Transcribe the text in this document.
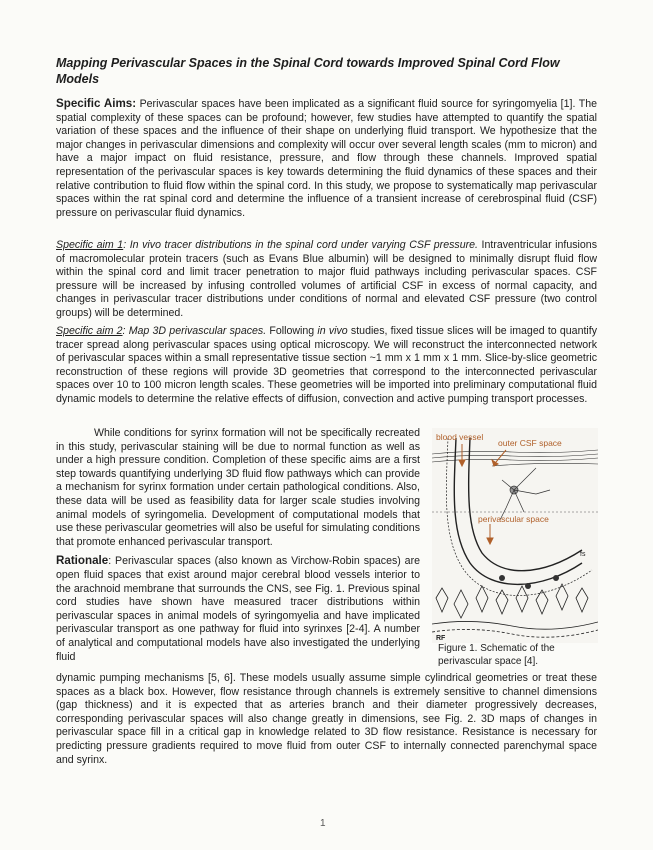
Mapping Perivascular Spaces in the Spinal Cord towards Improved Spinal Cord Flow Models
Specific Aims: Perivascular spaces have been implicated as a significant fluid source for syringomyelia [1]. The spatial complexity of these spaces can be profound; however, few studies have attempted to quantify the spatial variation of these spaces and the influence of their shape on underlying fluid transport. We hypothesize that the major changes in perivascular dimensions and complexity will occur over several length scales (mm to micron) and have a major impact on fluid resistance, pressure, and flow through these channels. Improved spatial representation of the perivascular spaces is key towards determining the fluid dynamics of these spaces and their relative contribution to fluid flow within the spinal cord. In this study, we propose to systematically map perivascular spaces within the rat spinal cord and determine the influence of a transient increase of cerebrospinal fluid (CSF) pressure on perivascular fluid dynamics.
Specific aim 1: In vivo tracer distributions in the spinal cord under varying CSF pressure. Intraventricular infusions of macromolecular protein tracers (such as Evans Blue albumin) will be designed to minimally disrupt fluid flow within the spinal cord and limit tracer penetration to major fluid pathways including perivascular spaces. CSF pressure will be increased by infusing controlled volumes of artificial CSF in excess of normal capacity, and changes in perivascular tracer distributions under conditions of normal and elevated CSF pressure (two control groups) will be determined.
Specific aim 2: Map 3D perivascular spaces. Following in vivo studies, fixed tissue slices will be imaged to quantify tracer spread along perivascular spaces using optical microscopy. We will reconstruct the interconnected network of perivascular spaces within a small representative tissue section ~1 mm x 1 mm x 1 mm. Slice-by-slice geometric reconstruction of these regions will provide 3D geometries that correspond to the interconnected perivascular spaces over 10 to 100 micron length scales. These geometries will be imported into preliminary computational fluid dynamic models to determine the relative effects of diffusion, convection and active pumping transport processes.

While conditions for syrinx formation will not be specifically recreated in this study, perivascular staining will be due to normal function as well as under a high pressure condition. Completion of these specific aims are a first step towards quantifying underlying 3D fluid flow pathways which can provide a mechanism for syrinx formation under certain pathological conditions. Also, these data will be used as feasibility data for larger scale studies involving animal models of syringomelia. Development of computational models that use these perivascular geometries will also be useful for simulating conditions that promote enhanced perivascular transport.

Rationale: Perivascular spaces (also known as Virchow-Robin spaces) are open fluid spaces that exist around major cerebral blood vessels interior to the arachnoid membrane that surrounds the CNS, see Fig. 1. Previous spinal cord studies have shown have measured tracer distributions within perivascular spaces in animal models of syringomyelia and have implicated perivascular transport as one pathway for fluid into syrinxes [2-4]. A number of analytical and computational models have also investigated the underlying fluid

dynamic pumping mechanisms [5, 6]. These models usually assume simple cylindrical geometries or treat these spaces as a black box. However, flow resistance through channels is extremely sensitive to channel dimensions (gap thickness) and it is expected that as arteries branch and their diameter progressively decreases, corresponding perivascular spaces will also change greatly in dimensions, see Fig. 2. 3D maps of changes in perivascular space fill in a critical gap in knowledge related to 3D flow resistance. Resistance is necessary for predicting pressure gradients required to move fluid from outer CSF to internally connected parenchymal space and syrinx.
blood vessel
outer CSF space
perivascular space
RF
fs
Figure 1. Schematic of the perivascular space [4].
1
